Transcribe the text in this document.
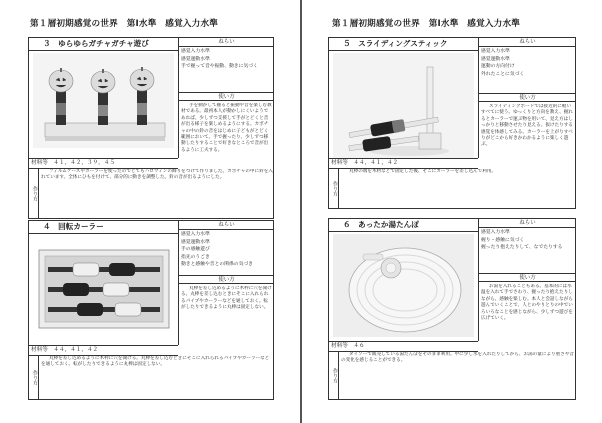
第１層初期感覚の世界　第Ⅰ水準　感覚入力水準
３　ゆらゆらガチャガチャ遊び	ねらい
感覚入力水準
感覚運動水準
手で握って音や振動、動きに気づく
使い方
手を動かして握ると振動や音を楽しむ教材である。最初本人が動かしにくいようであれば、少しずつ支援して手がとどくと音が出る様子を楽しめるようにする。カボチャの中の鈴の音をはじめに子どもがとどく範囲において、手で握ったり、少しずつ移動したりすることで好きなところで音が出るように工夫する。
材料等　４１，４２，３９，４５
作り方
フィルムケースやカーラーを使ったのでとてもハロウィンの飾りをつけて作りました。カボチャの中に鈴を入れています。全体にひもを付けて、部分的に動きを調整した。鈴の音が出るようにした。
４　回転カーラー	ねらい
感覚入力水準
感覚運動水準
手の感触遊び
指先のうごき
動きと感触や音との関係の気づき
使い方
丸棒を差し込めるように木枠に穴を開ける。丸棒を差し込むときにそこに入れられるパイプやカーラーなどを通しておく。転がしたりできるように丸棒は固定しない。
材料等　４４，４１，４２
作り方
丸棒を差し込めるように木枠に穴を開ける。丸棒を差し込むときにそこに入れられるパイプやカーラーなどを通しておく。転がしたりできるように丸棒は固定しない。
第１層初期感覚の世界　第Ⅰ水準　感覚入力水準
５　スライディングスティック	ねらい
感覚入力水準
感覚運動水準
運動の方向付け
外れたことに気づく
使い方
スライディングボードでは接近的に軽いすべてに使う。ゆっくりと方向を教え、握れるとカーラーで運ぶ物を用いて、見え方はしっかりと移動させたり見える。抜けたりする感覚を体感してみる。カーラーを上がりすべりがどこから好きかわかるように楽しく遊ぶ。
材料等　４４，４１，４２
作り方
丸棒の端を木材などで固定した後、そこにカーラーを差し込んで利用。
６　あったか湯たんぽ	ねらい
感覚入力水準
握り・感触に気づく
握ったり抱えたりして、なでたりする
使い方
お湯を入れることもある。基本的には水温を入れて手でさわり、握ったり抱えたりしながら、感触を楽しむ。本人と会話しながら遊んでいくことで、人とのやりとりの中でいろいろなことを感じながら、少しずつ遊びを広げていく。
材料等　４６
作り方
ダイソーで販売している湯たんぽをそのまま利用。中に少し水を入れたりしてから、お湯の量により重さや音の変化を感じることができる。
